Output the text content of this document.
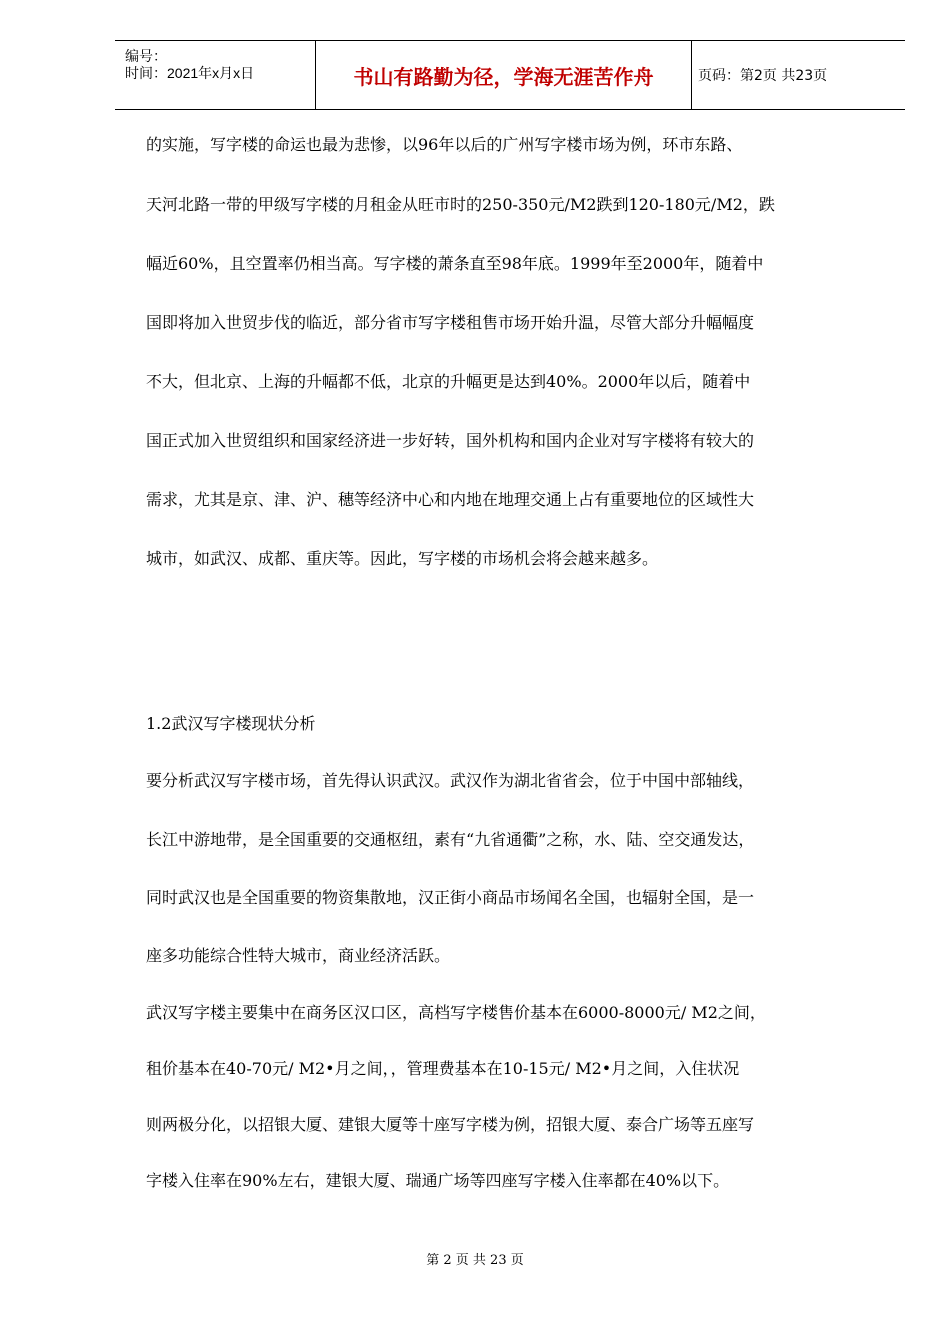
编号：
时间：2021年x月x日	书山有路勤为径，学海无涯苦作舟	页码：第2页 共23页
的实施，写字楼的命运也最为悲惨，以96年以后的广州写字楼市场为例，环市东路、
天河北路一带的甲级写字楼的月租金从旺市时的250-350元/M2跌到120-180元/M2，跌
幅近60%，且空置率仍相当高。写字楼的萧条直至98年底。1999年至2000年，随着中
国即将加入世贸步伐的临近，部分省市写字楼租售市场开始升温，尽管大部分升幅幅度
不大，但北京、上海的升幅都不低，北京的升幅更是达到40%。2000年以后，随着中
国正式加入世贸组织和国家经济进一步好转，国外机构和国内企业对写字楼将有较大的
需求，尤其是京、津、沪、穗等经济中心和内地在地理交通上占有重要地位的区域性大
城市，如武汉、成都、重庆等。因此，写字楼的市场机会将会越来越多。
1.2武汉写字楼现状分析
要分析武汉写字楼市场，首先得认识武汉。武汉作为湖北省省会，位于中国中部轴线，
长江中游地带，是全国重要的交通枢纽，素有“九省通衢”之称，水、陆、空交通发达，
同时武汉也是全国重要的物资集散地，汉正街小商品市场闻名全国，也辐射全国，是一
座多功能综合性特大城市，商业经济活跃。
武汉写字楼主要集中在商务区汉口区，高档写字楼售价基本在6000-8000元/ M2之间，
租价基本在40-70元/ M2•月之间，，管理费基本在10-15元/ M2•月之间，入住状况
则两极分化，以招银大厦、建银大厦等十座写字楼为例，招银大厦、泰合广场等五座写
字楼入住率在90%左右，建银大厦、瑞通广场等四座写字楼入住率都在40%以下。
第 2 页 共 23 页
